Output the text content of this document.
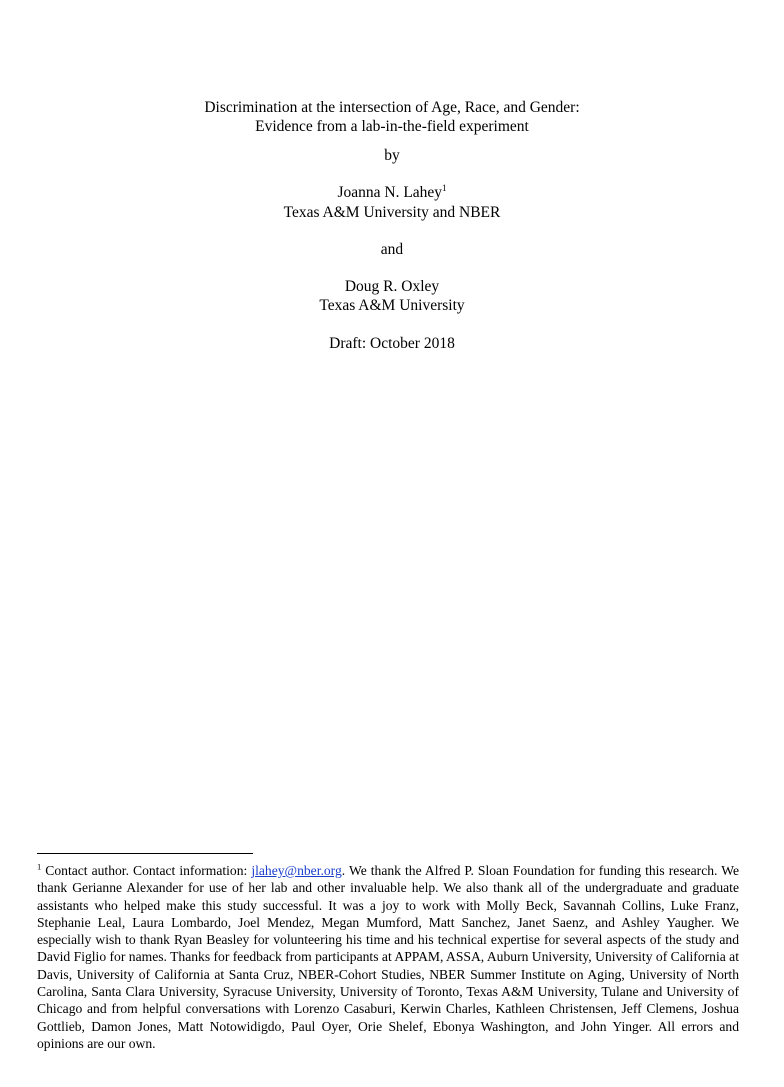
Discrimination at the intersection of Age, Race, and Gender:
Evidence from a lab-in-the-field experiment
by
Joanna N. Lahey$^1$
Texas A&M University and NBER
and
Doug R. Oxley
Texas A&M University
Draft: October 2018
$^1$ Contact author. Contact information: jlahey@nber.org. We thank the Alfred P. Sloan Foundation for funding this research. We thank Gerianne Alexander for use of her lab and other invaluable help. We also thank all of the undergraduate and graduate assistants who helped make this study successful. It was a joy to work with Molly Beck, Savannah Collins, Luke Franz, Stephanie Leal, Laura Lombardo, Joel Mendez, Megan Mumford, Matt Sanchez, Janet Saenz, and Ashley Yaugher. We especially wish to thank Ryan Beasley for volunteering his time and his technical expertise for several aspects of the study and David Figlio for names. Thanks for feedback from participants at APPAM, ASSA, Auburn University, University of California at Davis, University of California at Santa Cruz, NBER-Cohort Studies, NBER Summer Institute on Aging, University of North Carolina, Santa Clara University, Syracuse University, University of Toronto, Texas A&M University, Tulane and University of Chicago and from helpful conversations with Lorenzo Casaburi, Kerwin Charles, Kathleen Christensen, Jeff Clemens, Joshua Gottlieb, Damon Jones, Matt Notowidigdo, Paul Oyer, Orie Shelef, Ebonya Washington, and John Yinger. All errors and opinions are our own.
